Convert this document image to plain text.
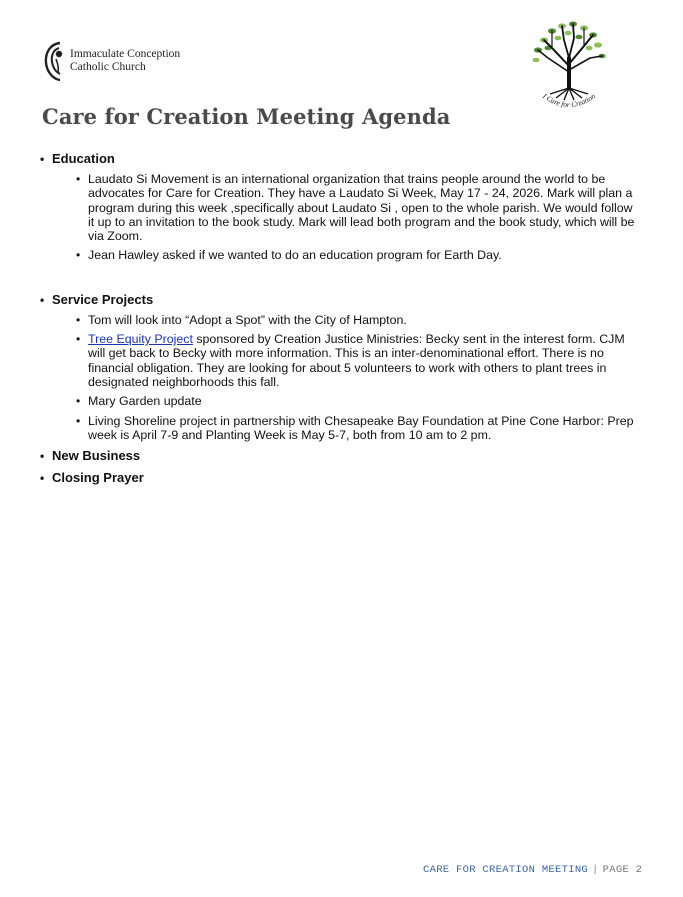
Immaculate Conception
Catholic Church
I Care for Creation
Care for Creation Meeting Agenda
• Education
• Laudato Si Movement is an international organization that trains people around the world to be advocates for Care for Creation. They have a Laudato Si Week, May 17 - 24, 2026. Mark will plan a program during this week ,specifically about Laudato Si , open to the whole parish. We would follow it up to an invitation to the book study. Mark will lead both program and the book study, which will be via Zoom.
• Jean Hawley asked if we wanted to do an education program for Earth Day.
• Service Projects
• Tom will look into “Adopt a Spot” with the City of Hampton.
• Tree Equity Project sponsored by Creation Justice Ministries: Becky sent in the interest form. CJM will get back to Becky with more information. This is an inter-denominational effort. There is no financial obligation. They are looking for about 5 volunteers to work with others to plant trees in designated neighborhoods this fall.
• Mary Garden update
• Living Shoreline project in partnership with Chesapeake Bay Foundation at Pine Cone Harbor: Prep week is April 7-9 and Planting Week is May 5-7, both from 10 am to 2 pm.
• New Business
• Closing Prayer
CARE FOR CREATION MEETING | PAGE 2
